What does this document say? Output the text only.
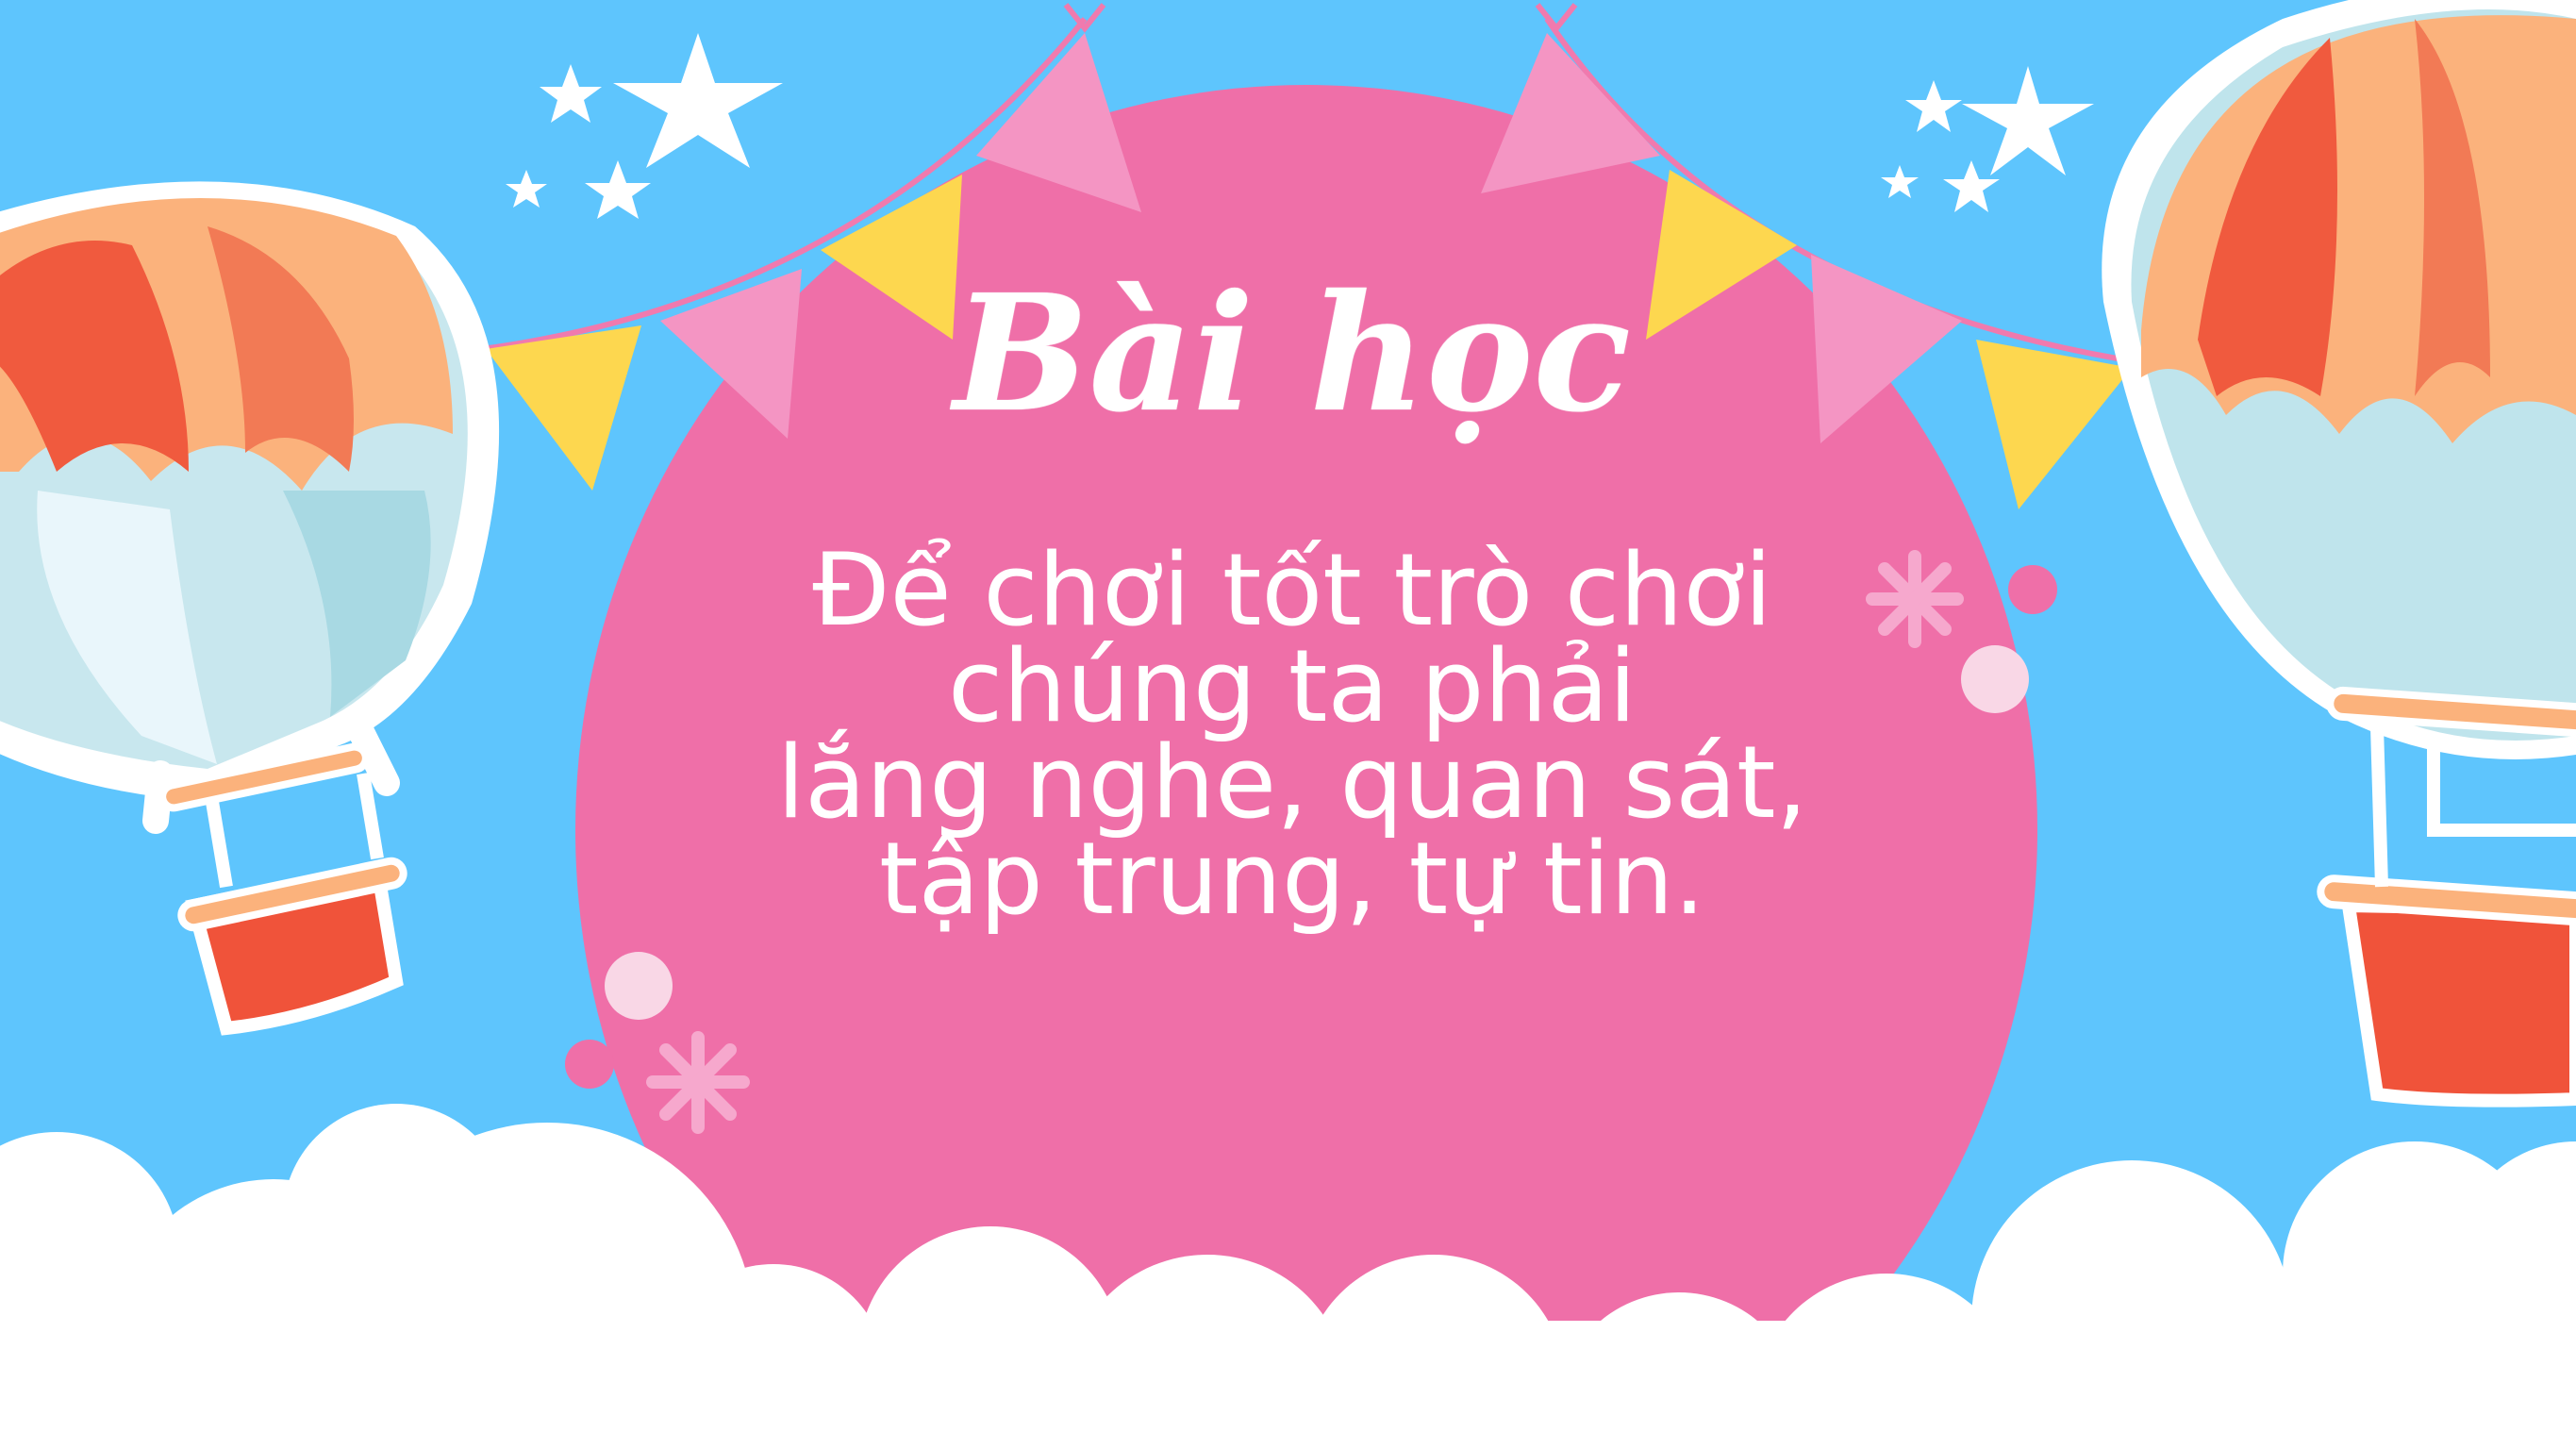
Bài học
Để chơi tốt trò chơi
chúng ta phải
lắng nghe, quan sát,
tập trung, tự tin.
